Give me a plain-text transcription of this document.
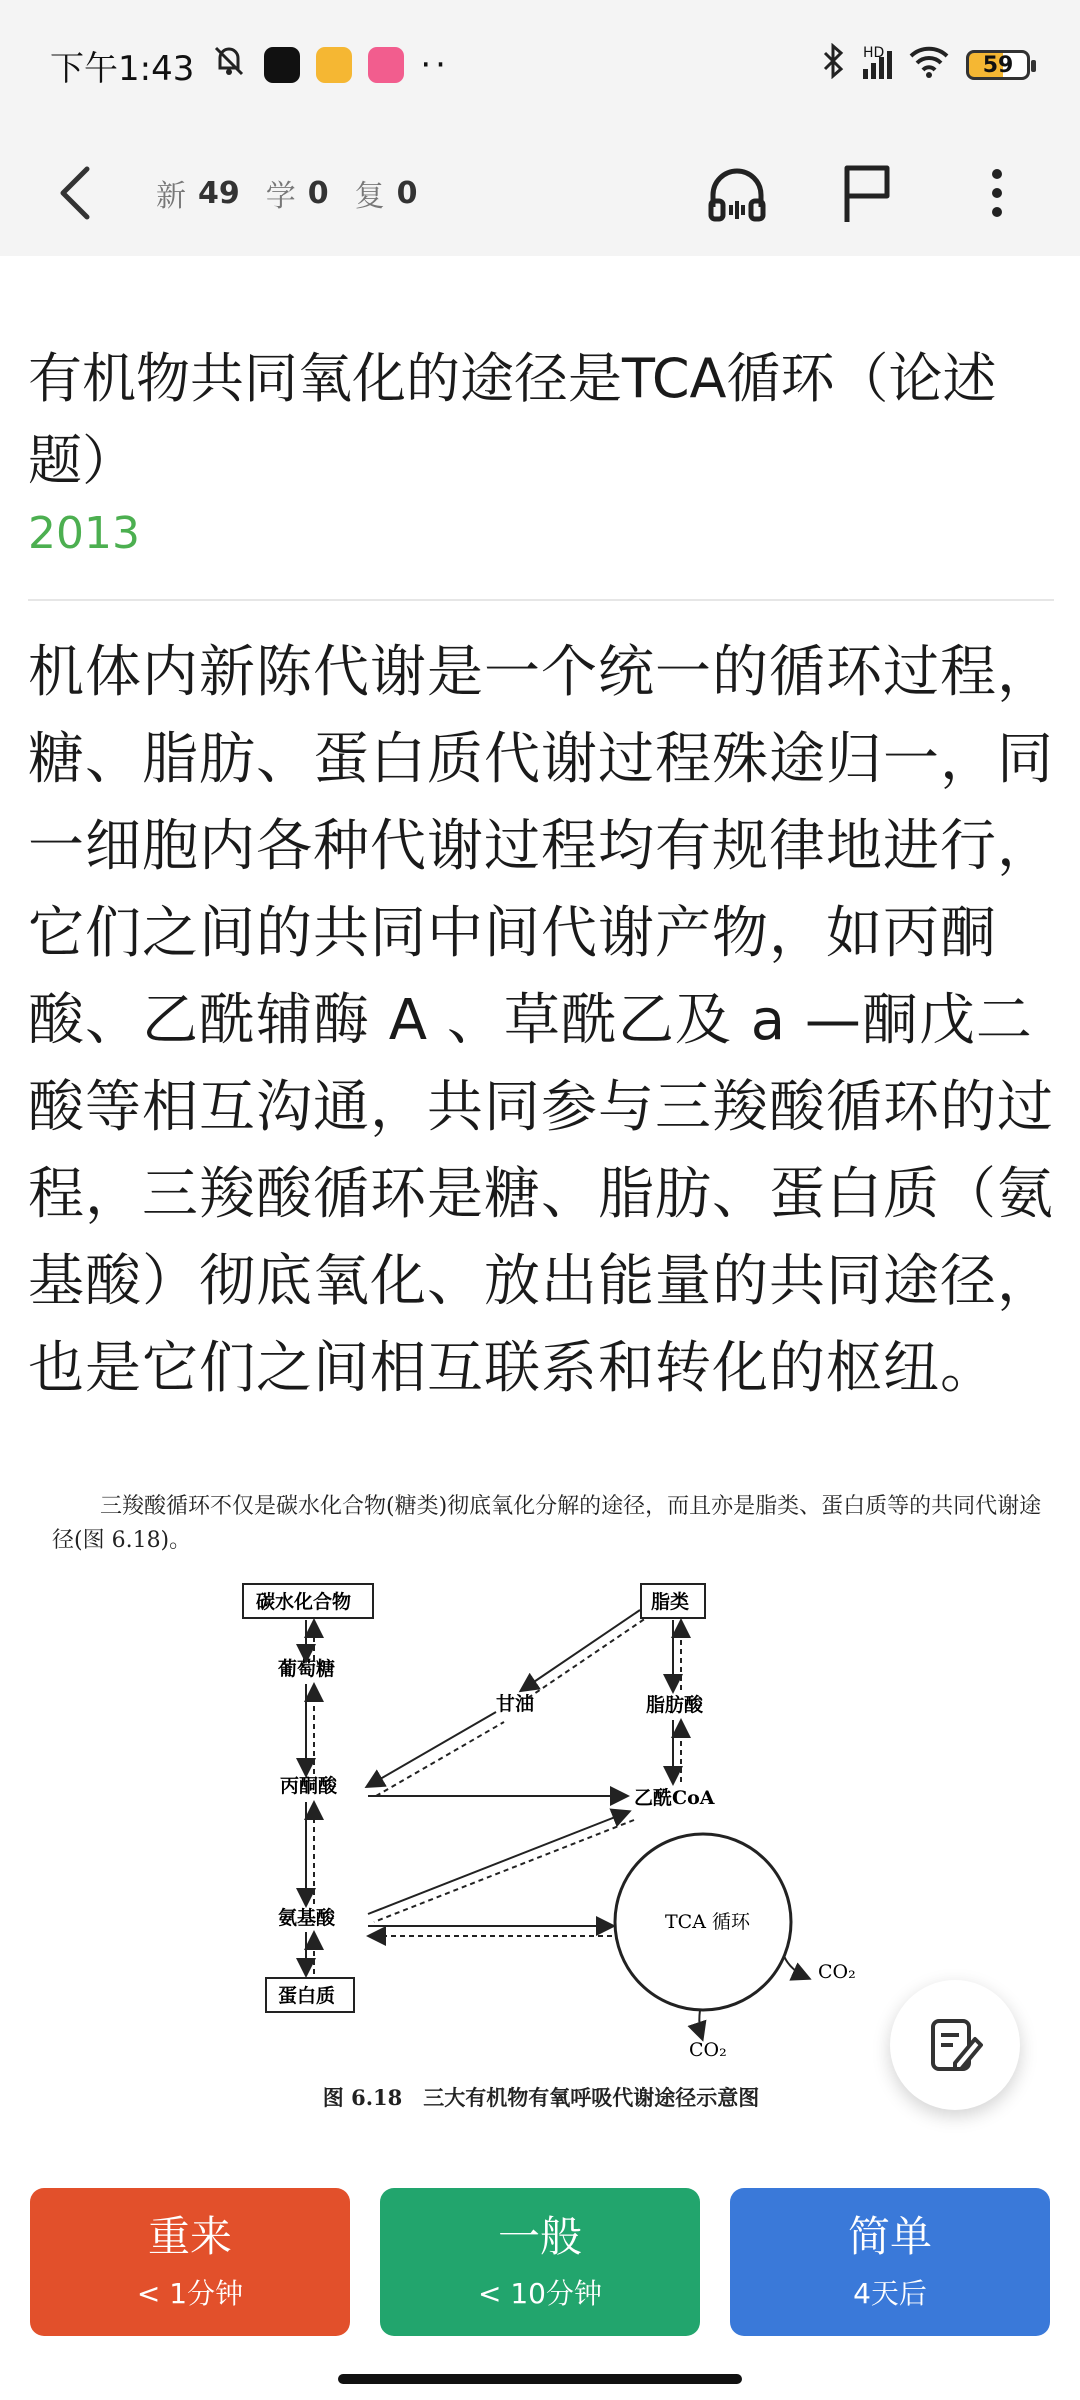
下午1:43	··	HD	59
新 49 学 0 复 0
有机物共同氧化的途径是TCA循环（论述题）
2013
机体内新陈代谢是一个统一的循环过程，糖、脂肪、蛋白质代谢过程殊途归一，同一细胞内各种代谢过程均有规律地进行，它们之间的共同中间代谢产物，如丙酮酸、乙酰辅酶 A 、草酰乙及 a —酮戊二酸等相互沟通，共同参与三羧酸循环的过程，三羧酸循环是糖、脂肪、蛋白质（氨基酸）彻底氧化、放出能量的共同途径，也是它们之间相互联系和转化的枢纽。
三羧酸循环不仅是碳水化合物(糖类)彻底氧化分解的途径，而且亦是脂类、蛋白质等的共同代谢途径(图 6.18)。
碳水化合物	脂类
葡萄糖
甘油	脂肪酸
丙酮酸
乙酰CoA
氨基酸
蛋白质
TCA 循环
CO₂
CO₂
图 6.18　三大有机物有氧呼吸代谢途径示意图
重来
< 1分钟
一般
< 10分钟
简单
4天后
